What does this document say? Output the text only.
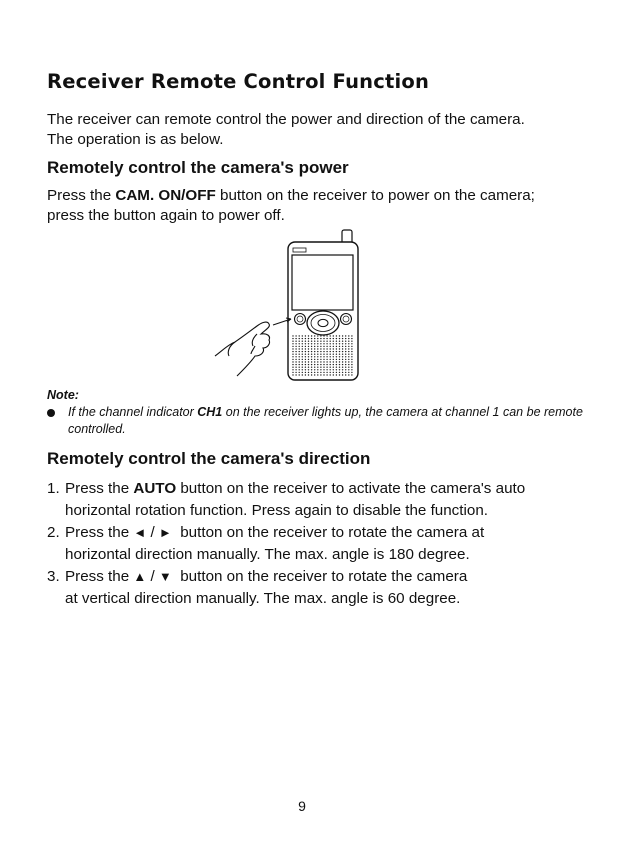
Receiver Remote Control Function

The receiver can remote control the power and direction of the camera.
The operation is as below.

Remotely control the camera's power

Press the CAM. ON/OFF button on the receiver to power on the camera;
press the button again to power off.

Note:

If the channel indicator CH1 on the receiver lights up, the camera at channel 1 can be remote controlled.

Remotely control the camera's direction
1. Press the AUTO button on the receiver to activate the camera's auto
horizontal rotation function. Press again to disable the function.
2. Press the ◄ / ►  button on the receiver to rotate the camera at
horizontal direction manually. The max. angle is 180 degree.
3. Press the ▲ / ▼  button on the receiver to rotate the camera
at vertical direction manually. The max. angle is 60 degree.
9
